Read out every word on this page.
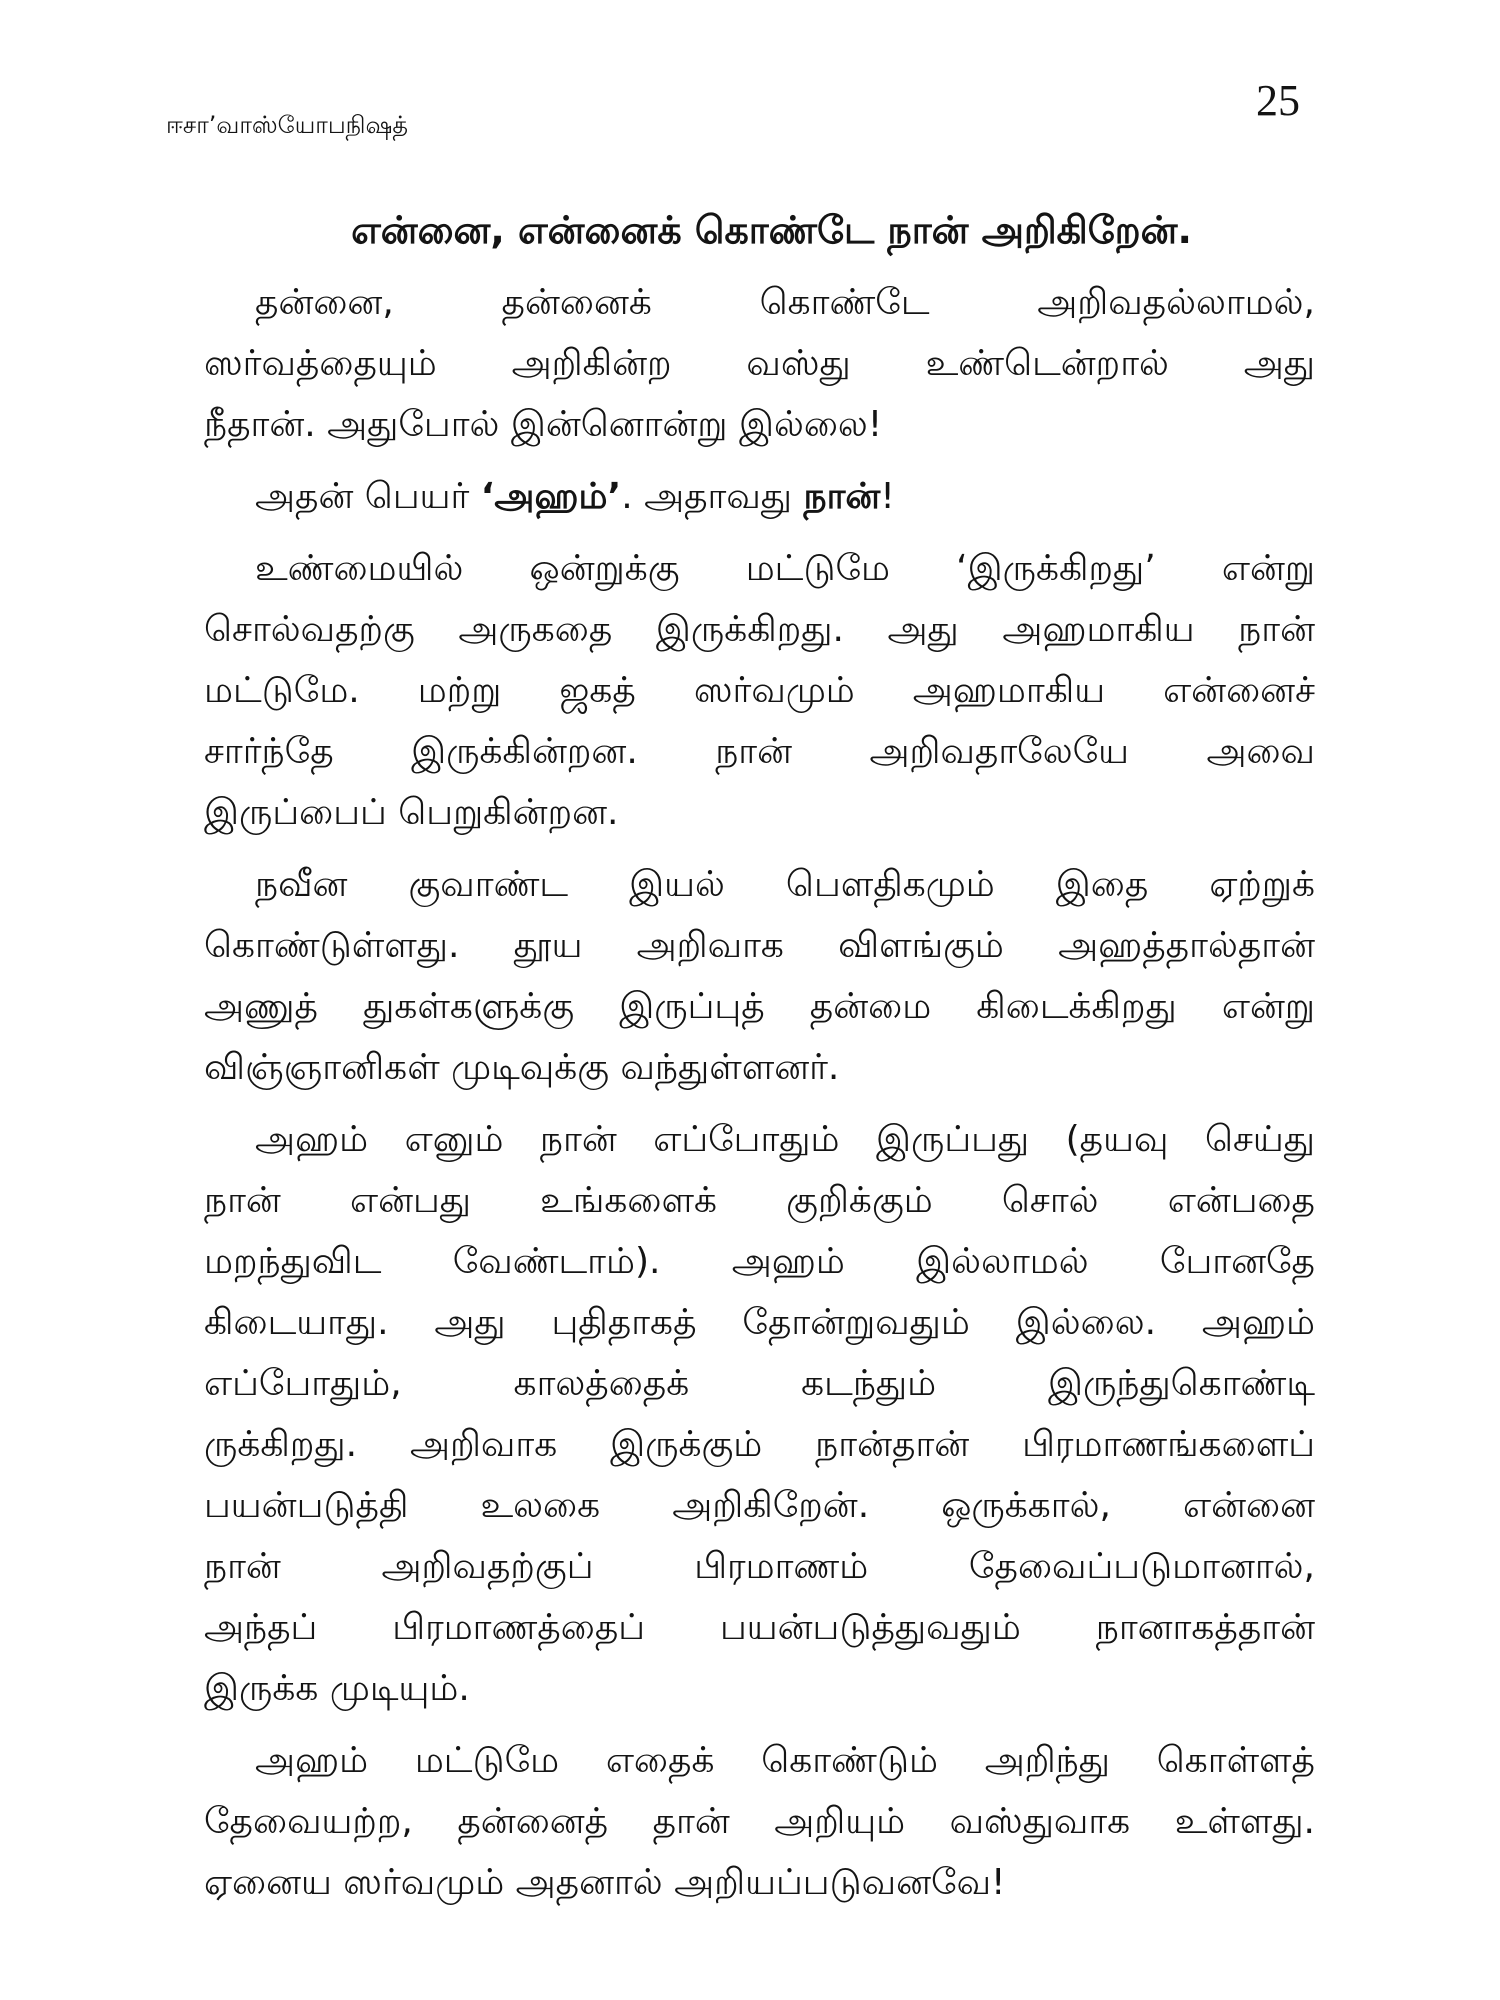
ஈசா’வாஸ்யோபநிஷத்	25
என்னை, என்னைக் கொண்டே நான் அறிகிறேன்.

தன்னை, தன்னைக் கொண்டே அறிவதல்லாமல்,
ஸர்வத்தையும் அறிகின்ற வஸ்து உண்டென்றால் அது
நீதான். அதுபோல் இன்னொன்று இல்லை!

அதன் பெயர் ‘அஹம்’. அதாவது நான்!

உண்மையில் ஒன்றுக்கு மட்டுமே ‘இருக்கிறது’ என்று
சொல்வதற்கு அருகதை இருக்கிறது. அது அஹமாகிய நான்
மட்டுமே. மற்று ஜகத் ஸர்வமும் அஹமாகிய என்னைச்
சார்ந்தே இருக்கின்றன. நான் அறிவதாலேயே அவை
இருப்பைப் பெறுகின்றன.

நவீன குவாண்ட இயல் பௌதிகமும் இதை ஏற்றுக்
கொண்டுள்ளது. தூய அறிவாக விளங்கும் அஹத்தால்தான்
அணுத் துகள்களுக்கு இருப்புத் தன்மை கிடைக்கிறது என்று
விஞ்ஞானிகள் முடிவுக்கு வந்துள்ளனர்.

அஹம் எனும் நான் எப்போதும் இருப்பது (தயவு செய்து
நான் என்பது உங்களைக் குறிக்கும் சொல் என்பதை
மறந்துவிட வேண்டாம்). அஹம் இல்லாமல் போனதே
கிடையாது. அது புதிதாகத் தோன்றுவதும் இல்லை. அஹம்
எப்போதும், காலத்தைக் கடந்தும் இருந்துகொண்டி
ருக்கிறது. அறிவாக இருக்கும் நான்தான் பிரமாணங்களைப்
பயன்படுத்தி உலகை அறிகிறேன். ஒருக்கால், என்னை
நான் அறிவதற்குப் பிரமாணம் தேவைப்படுமானால்,
அந்தப் பிரமாணத்தைப் பயன்படுத்துவதும் நானாகத்தான்
இருக்க முடியும்.

அஹம் மட்டுமே எதைக் கொண்டும் அறிந்து கொள்ளத்
தேவையற்ற, தன்னைத் தான் அறியும் வஸ்துவாக உள்ளது.
ஏனைய ஸர்வமும் அதனால் அறியப்படுவனவே!
